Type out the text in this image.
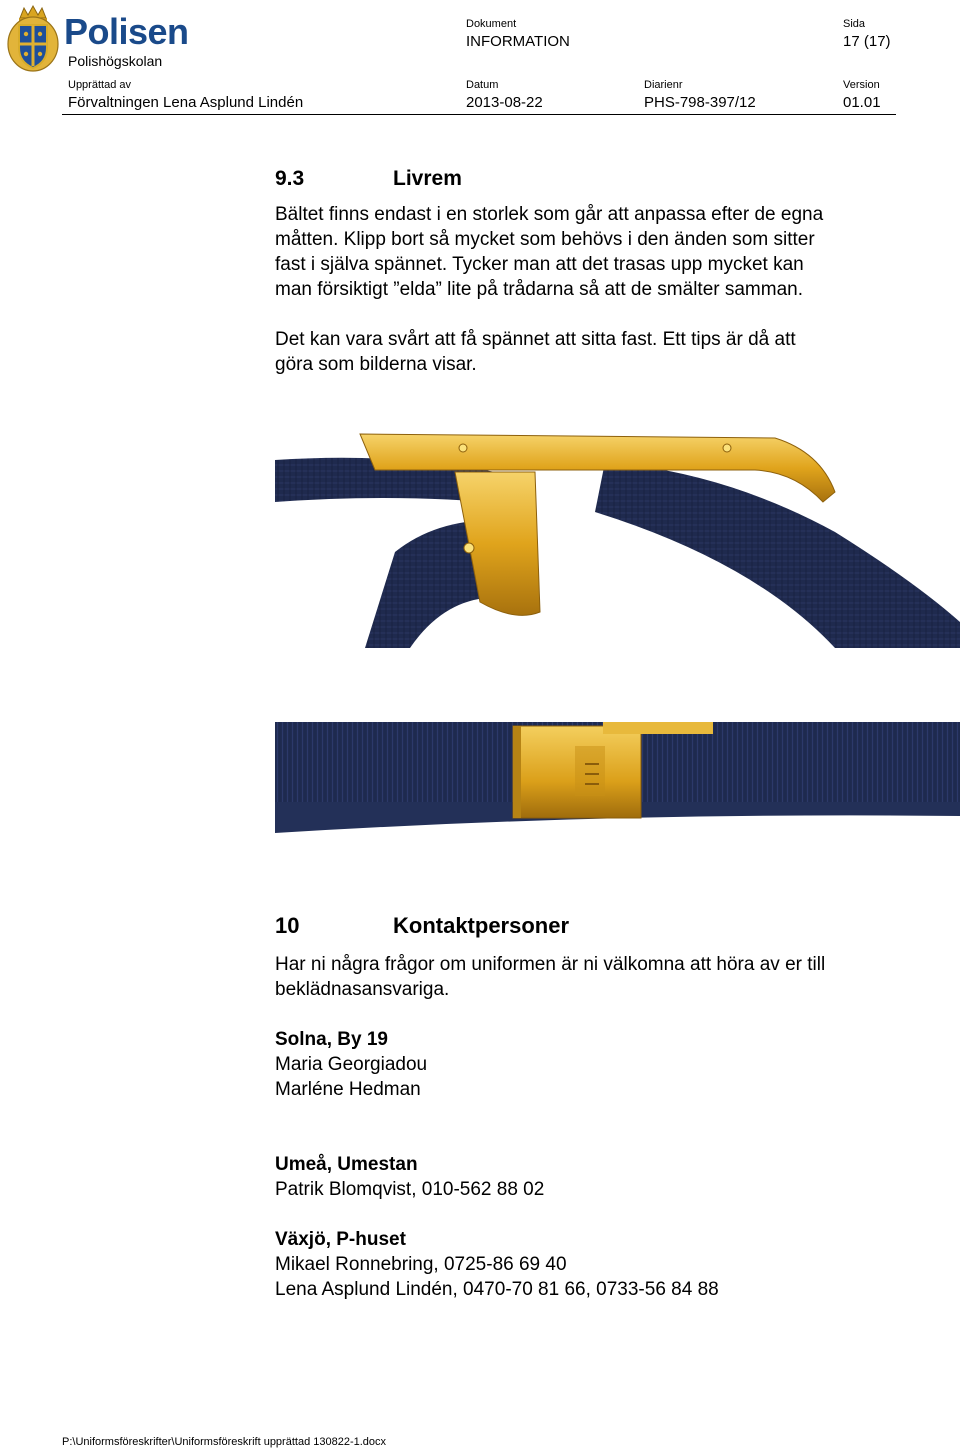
Polisen
Polishögskolan
Dokument
INFORMATION
Sida
17 (17)
Upprättad av
Förvaltningen Lena Asplund Lindén
Datum
2013-08-22
Diarienr
PHS-798-397/12
Version
01.01
9.3	Livrem
Bältet finns endast i en storlek som går att anpassa efter de egna
måtten. Klipp bort så mycket som behövs i den änden som sitter
fast i själva spännet. Tycker man att det trasas upp mycket kan
man försiktigt ”elda” lite på trådarna så att de smälter samman.
Det kan vara svårt att få spännet att sitta fast. Ett tips är då att
göra som bilderna visar.
10	Kontaktpersoner
Har ni några frågor om uniformen är ni välkomna att höra av er till
beklädnasansvariga.
Solna, By 19
Maria Georgiadou
Marléne Hedman
Umeå, Umestan
Patrik Blomqvist, 010-562 88 02
Växjö, P-huset
Mikael Ronnebring, 0725-86 69 40
Lena Asplund Lindén, 0470-70 81 66, 0733-56 84 88
P:\Uniformsföreskrifter\Uniformsföreskrift upprättad 130822-1.docx
